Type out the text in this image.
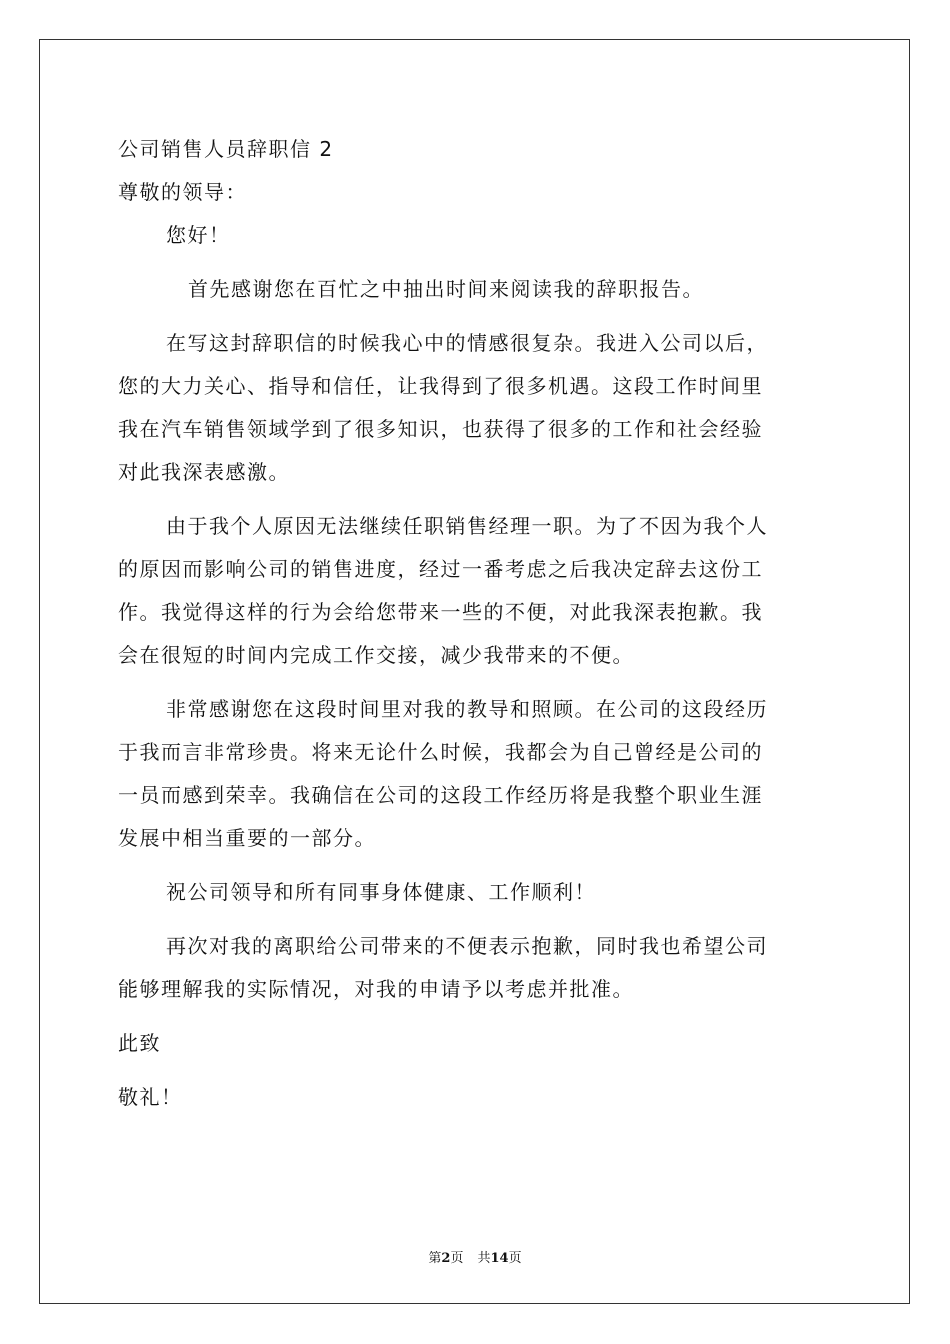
公司销售人员辞职信 2
尊敬的领导：
您好！
首先感谢您在百忙之中抽出时间来阅读我的辞职报告。
在写这封辞职信的时候我心中的情感很复杂。我进入公司以后，
您的大力关心、指导和信任，让我得到了很多机遇。这段工作时间里
我在汽车销售领域学到了很多知识，也获得了很多的工作和社会经验
对此我深表感激。
由于我个人原因无法继续任职销售经理一职。为了不因为我个人
的原因而影响公司的销售进度，经过一番考虑之后我决定辞去这份工
作。我觉得这样的行为会给您带来一些的不便，对此我深表抱歉。我
会在很短的时间内完成工作交接，减少我带来的不便。
非常感谢您在这段时间里对我的教导和照顾。在公司的这段经历
于我而言非常珍贵。将来无论什么时候，我都会为自己曾经是公司的
一员而感到荣幸。我确信在公司的这段工作经历将是我整个职业生涯
发展中相当重要的一部分。
祝公司领导和所有同事身体健康、工作顺利！
再次对我的离职给公司带来的不便表示抱歉，同时我也希望公司
能够理解我的实际情况，对我的申请予以考虑并批准。
此致
敬礼！
第2页 共14页
